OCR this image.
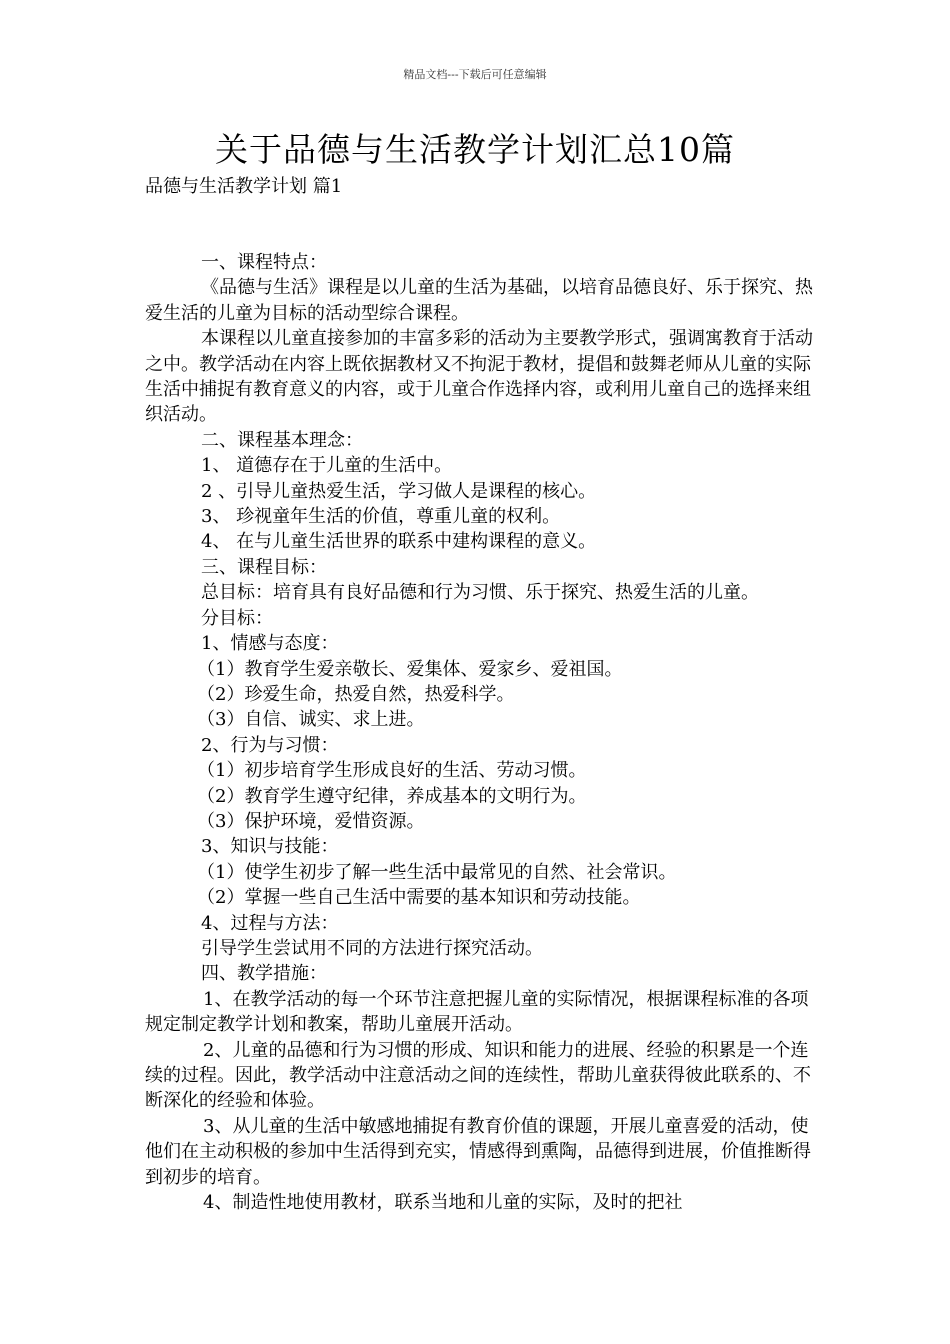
精品文档---下载后可任意编辑
关于品德与生活教学计划汇总10篇
品德与生活教学计划 篇1

一、课程特点：

《品德与生活》课程是以儿童的生活为基础，以培育品德良好、乐于探究、热爱生活的儿童为目标的活动型综合课程。

本课程以儿童直接参加的丰富多彩的活动为主要教学形式，强调寓教育于活动之中。教学活动在内容上既依据教材又不拘泥于教材，提倡和鼓舞老师从儿童的实际生活中捕捉有教育意义的内容，或于儿童合作选择内容，或利用儿童自己的选择来组织活动。

二、课程基本理念：

1、 道德存在于儿童的生活中。

2 、引导儿童热爱生活，学习做人是课程的核心。

3、 珍视童年生活的价值，尊重儿童的权利。

4、 在与儿童生活世界的联系中建构课程的意义。

三、课程目标：

总目标：培育具有良好品德和行为习惯、乐于探究、热爱生活的儿童。

分目标：

1、情感与态度：

（1）教育学生爱亲敬长、爱集体、爱家乡、爱祖国。

（2）珍爱生命，热爱自然，热爱科学。

（3）自信、诚实、求上进。

2、行为与习惯：

（1）初步培育学生形成良好的生活、劳动习惯。

（2）教育学生遵守纪律，养成基本的文明行为。

（3）保护环境，爱惜资源。

3、知识与技能：

（1）使学生初步了解一些生活中最常见的自然、社会常识。

（2）掌握一些自己生活中需要的基本知识和劳动技能。

4、过程与方法：

引导学生尝试用不同的方法进行探究活动。

四、教学措施：

1、在教学活动的每一个环节注意把握儿童的实际情况，根据课程标准的各项规定制定教学计划和教案，帮助儿童展开活动。

2、儿童的品德和行为习惯的形成、知识和能力的进展、经验的积累是一个连续的过程。因此，教学活动中注意活动之间的连续性，帮助儿童获得彼此联系的、不断深化的经验和体验。

3、从儿童的生活中敏感地捕捉有教育价值的课题，开展儿童喜爱的活动，使他们在主动积极的参加中生活得到充实，情感得到熏陶，品德得到进展，价值推断得到初步的培育。

4、制造性地使用教材，联系当地和儿童的实际，及时的把社
